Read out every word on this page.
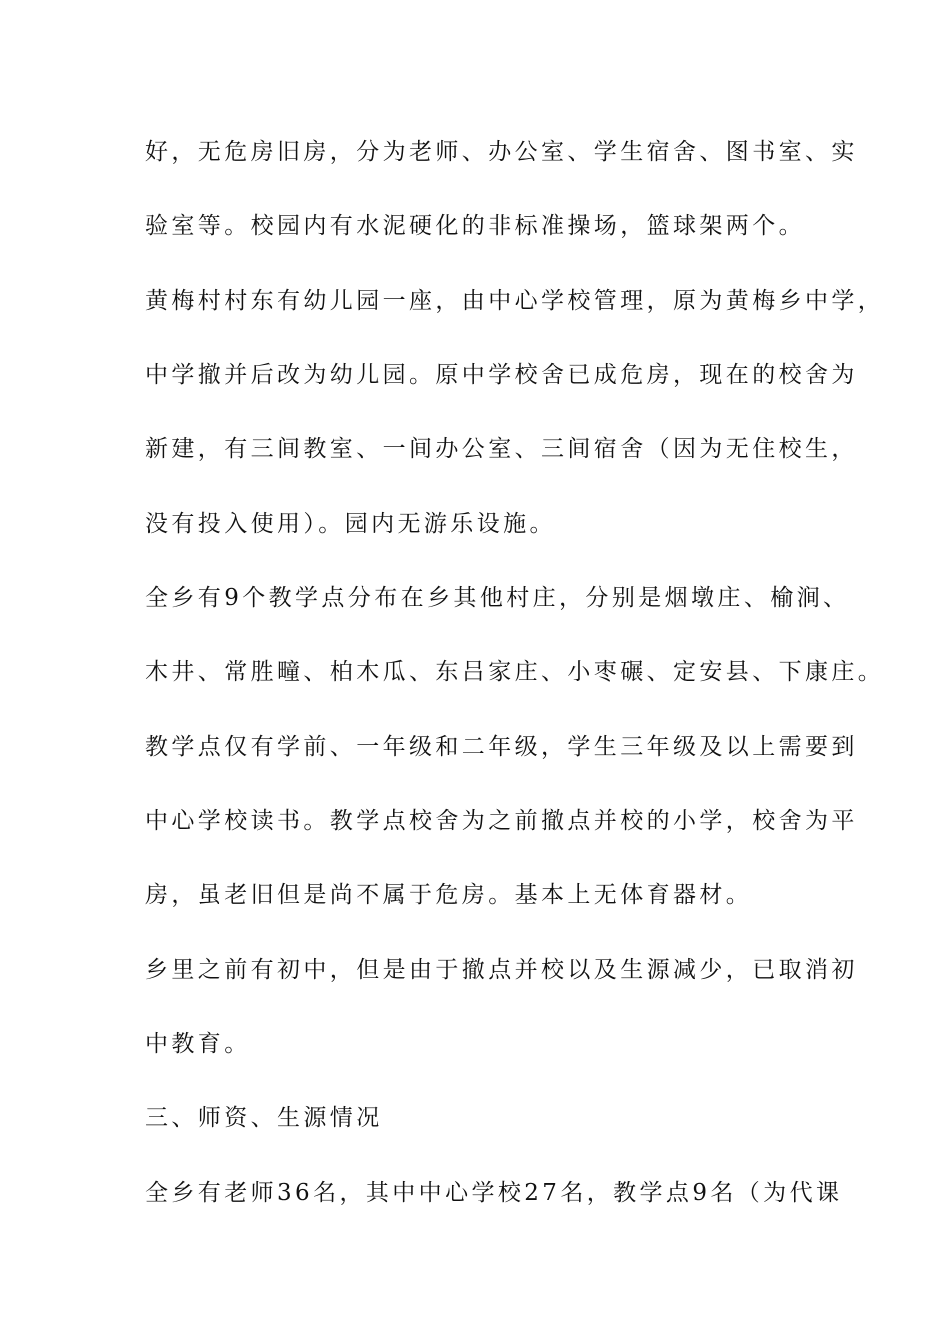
好，无危房旧房，分为老师、办公室、学生宿舍、图书室、实
验室等。校园内有水泥硬化的非标准操场，篮球架两个。
黄梅村村东有幼儿园一座，由中心学校管理，原为黄梅乡中学，
中学撤并后改为幼儿园。原中学校舍已成危房，现在的校舍为
新建，有三间教室、一间办公室、三间宿舍（因为无住校生，
没有投入使用）。园内无游乐设施。
全乡有9个教学点分布在乡其他村庄，分别是烟墩庄、榆涧、
木井、常胜疃、柏木瓜、东吕家庄、小枣碾、定安县、下康庄。
教学点仅有学前、一年级和二年级，学生三年级及以上需要到
中心学校读书。教学点校舍为之前撤点并校的小学，校舍为平
房，虽老旧但是尚不属于危房。基本上无体育器材。
乡里之前有初中，但是由于撤点并校以及生源减少，已取消初
中教育。
三、师资、生源情况
全乡有老师36名，其中中心学校27名，教学点9名（为代课
